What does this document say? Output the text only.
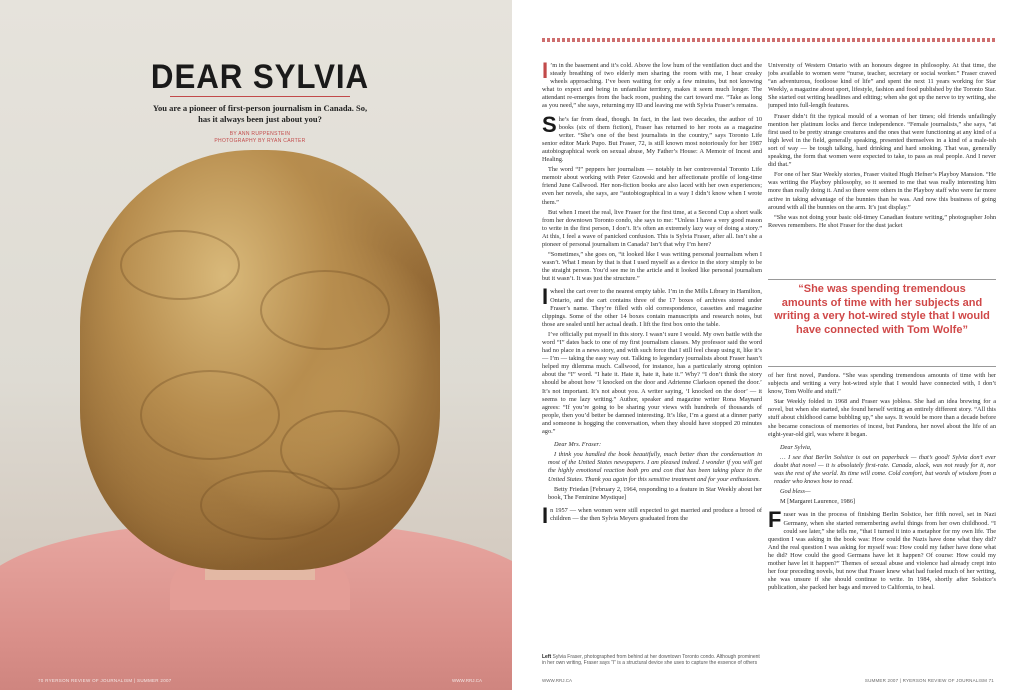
DEAR SYLVIA
You are a pioneer of first-person journalism in Canada. So, has it always been just about you?
BY ANN RUPPENSTEIN
PHOTOGRAPHY BY RYAN CARTER
70 RYERSON REVIEW OF JOURNALISM | SUMMER 2007	WWW.RRJ.CA

I ’m in the basement and it’s cold. Above the low hum of the ventilation duct and the steady breathing of two elderly men sharing the room with me, I hear creaky wheels approaching. I’ve been waiting for only a few minutes, but not knowing what to expect and being in unfamiliar territory, makes it seem much longer. The attendant re-emerges from the back room, pushing the cart toward me. “Take as long as you need,” she says, returning my ID and leaving me with Sylvia Fraser’s remains.

She’s far from dead, though. In fact, in the last two decades, the author of 10 books (six of them fiction), Fraser has returned to her roots as a magazine writer. “She’s one of the best journalists in the country,” says Toronto Life senior editor Mark Pupo. But Fraser, 72, is still known most notoriously for her 1987 autobiographical work on sexual abuse, My Father’s House: A Memoir of Incest and Healing.

The word “I” peppers her journalism — notably in her controversial Toronto Life memoir about working with Peter Gzowski and her affectionate profile of long-time friend June Callwood. Her non-fiction books are also laced with her own experiences; even her novels, she says, are “autobiographical in a way I didn’t know when I wrote them.”

But when I meet the real, live Fraser for the first time, at a Second Cup a short walk from her downtown Toronto condo, she says to me: “Unless I have a very good reason to write in the first person, I don’t. It’s often an extremely lazy way of doing a story.” At this, I feel a wave of panicked confusion. This is Sylvia Fraser, after all. Isn’t she a pioneer of personal journalism in Canada? Isn’t that why I’m here?

“Sometimes,” she goes on, “it looked like I was writing personal journalism when I wasn’t. What I mean by that is that I used myself as a device in the story simply to be the straight person. You’d see me in the article and it looked like personal journalism but it wasn’t. It was just the structure.”

Iwheel the cart over to the nearest empty table. I’m in the Mills Library in Hamilton, Ontario, and the cart contains three of the 17 boxes of archives stored under Fraser’s name. They’re filled with old correspondence, cassettes and magazine clippings. Some of the other 14 boxes contain manuscripts and research notes, but those are sealed until her actual death. I lift the first box onto the table.

I’ve officially put myself in this story. I wasn’t sure I would. My own battle with the word “I” dates back to one of my first journalism classes. My professor said the word had no place in a news story, and with such force that I still feel cheap using it, like it’s — I’m — taking the easy way out. Talking to legendary journalists about Fraser hasn’t helped my dilemma much. Callwood, for instance, has a particularly strong opinion about the “I” word. “I hate it. Hate it, hate it, hate it.” Why? “I don’t think the story should be about how ‘I knocked on the door and Adrienne Clarkson opened the door.’ It’s not important. It’s not about you. A writer saying, ‘I knocked on the door’ — it seems to me lazy writing.” Author, speaker and magazine writer Rona Maynard agrees: “If you’re going to be sharing your views with hundreds of thousands of people, then you’d better be damned interesting. It’s like, I’m a guest at a dinner party and someone is hogging the conversation, when they should have stopped 20 minutes ago.”

Dear Mrs. Fraser:

I think you handled the book beautifully, much better than the condensation in most of the United States newspapers. I am pleased indeed. I wonder if you will get the highly emotional reaction both pro and con that has been taking place in the United States. Thank you again for this sensitive treatment and for your enthusiasm.

Betty Friedan [February 2, 1964, responding to a feature in Star Weekly about her book, The Feminine Mystique]

In 1957 — when women were still expected to get married and produce a brood of children — the then Sylvia Meyers graduated from the

Left Sylvia Fraser, photographed from behind at her downtown Toronto condo. Although prominent in her own writing, Fraser says “I” is a structural device she uses to capture the essence of others

University of Western Ontario with an honours degree in philosophy. At that time, the jobs available to women were “nurse, teacher, secretary or social worker.” Fraser craved “an adventurous, footloose kind of life” and spent the next 11 years working for Star Weekly, a magazine about sport, lifestyle, fashion and food published by the Toronto Star. She started out writing headlines and editing; when she got up the nerve to try writing, she jumped into full-length features.

Fraser didn’t fit the typical mould of a woman of her times; old friends unfailingly mention her platinum locks and fierce independence. “Female journalists,” she says, “at first used to be pretty strange creatures and the ones that were functioning at any kind of a high level in the field, generally speaking, presented themselves in a kind of a male-ish sort of way — be tough talking, hard drinking and hard smoking. That was, generally speaking, the form that women were expected to take, to pass as real people. And I never did that.”

For one of her Star Weekly stories, Fraser visited Hugh Hefner’s Playboy Mansion. “He was writing the Playboy philosophy, so it seemed to me that was really interesting him more than really doing it. And so there were others in the Playboy staff who were far more active in taking advantage of the bunnies than he was. And now this business of going around with all the bunnies on the arm. It’s just display.”

“She was not doing your basic old-timey Canadian feature writing,” photographer John Reeves remembers. He shot Fraser for the dust jacket

“She was spending tremendous amounts of time with her subjects and writing a very hot-wired style that I would have connected with Tom Wolfe”

of her first novel, Pandora. “She was spending tremendous amounts of time with her subjects and writing a very hot-wired style that I would have connected with, I don’t know, Tom Wolfe and stuff.”

Star Weekly folded in 1968 and Fraser was jobless. She had an idea brewing for a novel, but when she started, she found herself writing an entirely different story. “All this stuff about childhood came bubbling up,” she says. It would be more than a decade before she became conscious of memories of incest, but Pandora, her novel about the life of an eight-year-old girl, was where it began.

Dear Sylvia,

… I see that Berlin Solstice is out on paperback — that’s good! Sylvia don’t ever doubt that novel — it is absolutely first-rate. Canada, alack, was not ready for it, nor was the rest of the world. Its time will come. Cold comfort, but words of wisdom from a reader who knows how to read.

God bless—

M [Margaret Laurence, 1986]

Fraser was in the process of finishing Berlin Solstice, her fifth novel, set in Nazi Germany, when she started remembering awful things from her own childhood. “I could see later,” she tells me, “that I turned it into a metaphor for my own life. The question I was asking in the book was: How could the Nazis have done what they did? And the real question I was asking for myself was: How could my father have done what he did? How could the good Germans have let it happen? Of course: How could my mother have let it happen?” Themes of sexual abuse and violence had already crept into her four preceding novels, but now that Fraser knew what had fueled much of her writing, she was unsure if she should continue to write. In 1984, shortly after Solstice’s publication, she packed her bags and moved to California, to heal.

WWW.RRJ.CA	SUMMER 2007 | RYERSON REVIEW OF JOURNALISM 71
